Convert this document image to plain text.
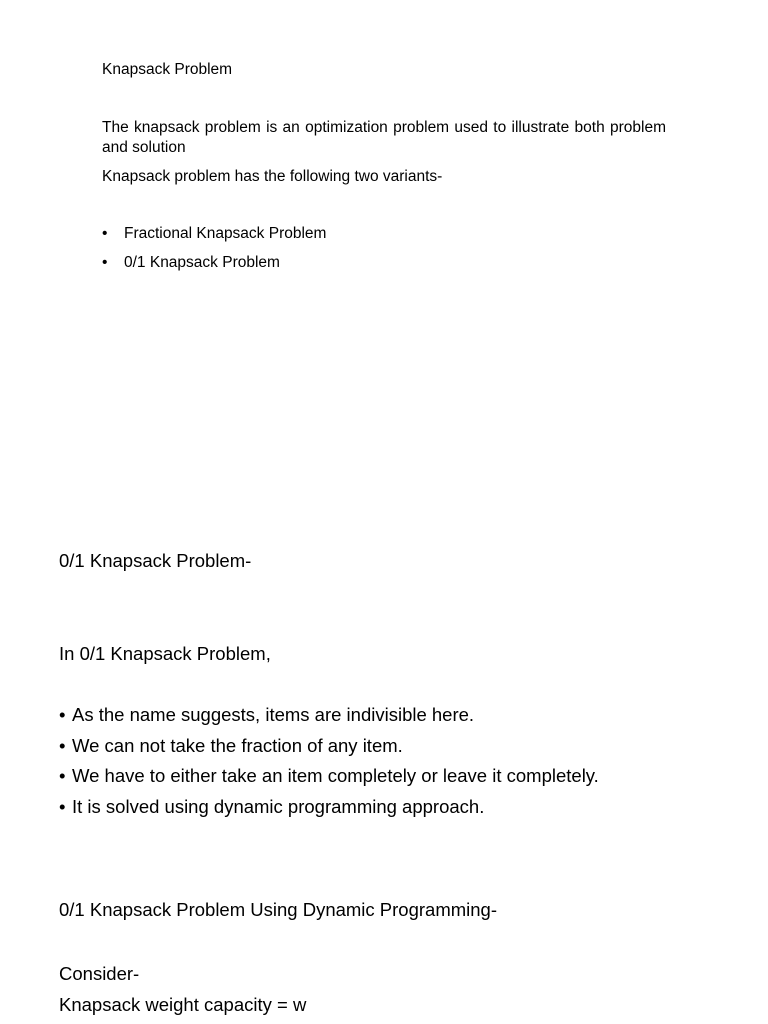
Knapsack Problem
The knapsack problem is an optimization problem used to illustrate both problem and solution
Knapsack problem has the following two variants-
• Fractional Knapsack Problem
• 0/1 Knapsack Problem
0/1 Knapsack Problem-
In 0/1 Knapsack Problem,
• As the name suggests, items are indivisible here.
• We can not take the fraction of any item.
• We have to either take an item completely or leave it completely.
• It is solved using dynamic programming approach.
0/1 Knapsack Problem Using Dynamic Programming-
Consider-
Knapsack weight capacity = w
